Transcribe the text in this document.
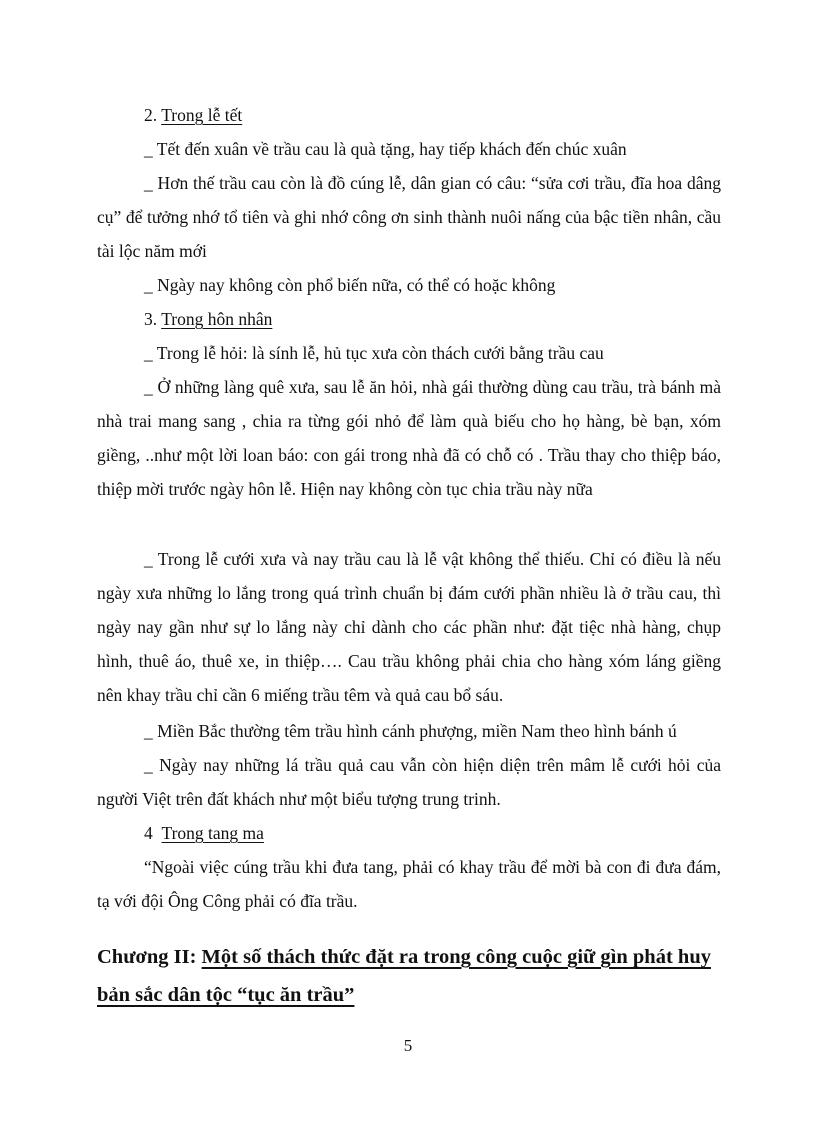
2. Trong lễ tết

_ Tết đến xuân về trầu cau là quà tặng, hay tiếp khách đến chúc xuân

_ Hơn thế trầu cau còn là đồ cúng lễ, dân gian có câu: “sửa cơi trầu, đĩa hoa dâng cụ” để tưởng nhớ tổ tiên và ghi nhớ công ơn sinh thành nuôi nấng của bậc tiền nhân, cầu tài lộc năm mới

_ Ngày nay không còn phổ biến nữa, có thể có hoặc không

3. Trong hôn nhân

_ Trong lễ hỏi: là sính lễ, hủ tục xưa còn thách cưới bằng trầu cau

_ Ở những làng quê xưa, sau lễ ăn hỏi, nhà gái thường dùng cau trầu, trà bánh mà nhà trai mang sang , chia ra từng gói nhỏ để làm quà biếu cho họ hàng, bè bạn, xóm giềng, ..như một lời loan báo: con gái trong nhà đã có chỗ có . Trầu thay cho thiệp báo, thiệp mời trước ngày hôn lễ. Hiện nay không còn tục chia trầu này nữa

_ Trong lễ cưới xưa và nay trầu cau là lễ vật không thể thiếu. Chỉ có điều là nếu ngày xưa những lo lắng trong quá trình chuẩn bị đám cưới phần nhiều là ở trầu cau, thì ngày nay gần như sự lo lắng này chỉ dành cho các phần như: đặt tiệc nhà hàng, chụp hình, thuê áo, thuê xe, in thiệp…. Cau trầu không phải chia cho hàng xóm láng giềng nên khay trầu chỉ cần 6 miếng trầu têm và quả cau bổ sáu.

_ Miền Bắc thường têm trầu hình cánh phượng, miền Nam theo hình bánh ú

_ Ngày nay những lá trầu quả cau vẫn còn hiện diện trên mâm lễ cưới hỏi của người Việt trên đất khách như một biểu tượng trung trinh.

4 Trong tang ma

“Ngoài việc cúng trầu khi đưa tang, phải có khay trầu để mời bà con đi đưa đám, tạ với đội Ông Công phải có đĩa trầu.

Chương II: Một số thách thức đặt ra trong công cuộc giữ gìn phát huy bản sắc dân tộc “tục ăn trầu”

5
